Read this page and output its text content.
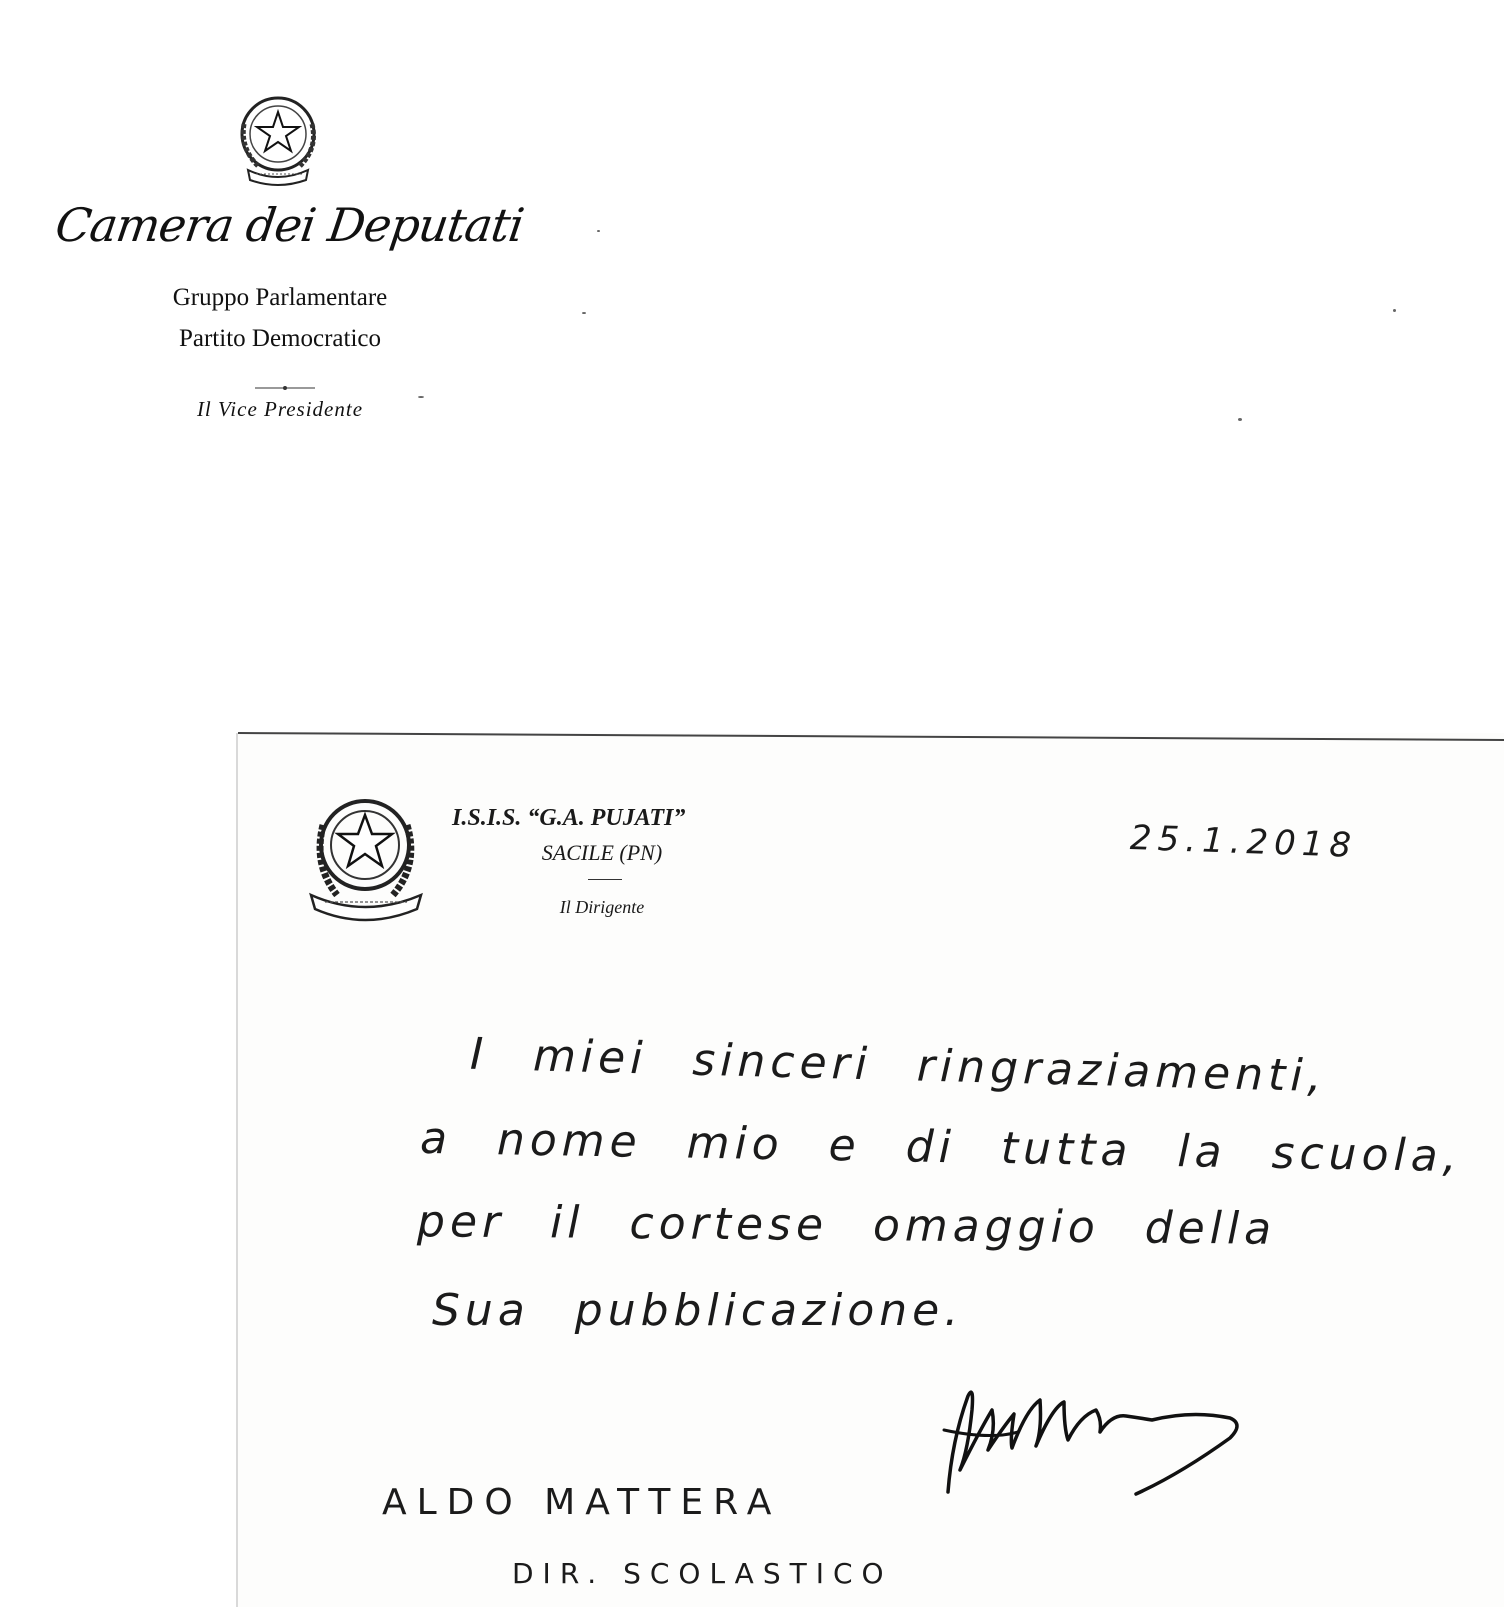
Camera dei Deputati
Gruppo Parlamentare
Partito Democratico
Il Vice Presidente
I.S.I.S. “G.A. PUJATI”
SACILE (PN)
Il Dirigente
25.1.2018
I miei sinceri ringraziamenti,
a nome mio e di tutta la scuola,
per il cortese omaggio della
Sua pubblicazione.
ALDO MATTERA
DIR. SCOLASTICO
